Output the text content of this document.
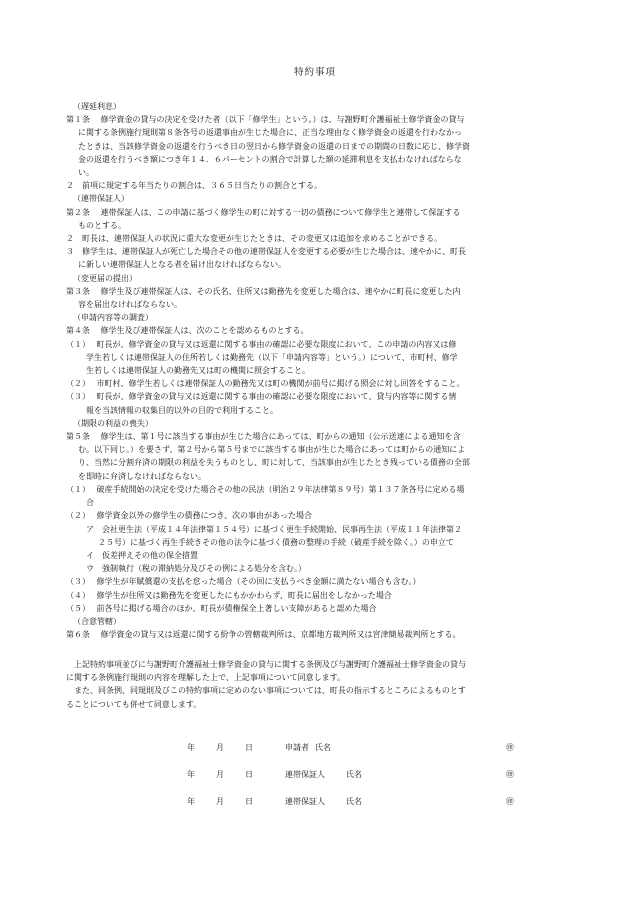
特約事項
（遅延利息）
第１条　 修学資金の貸与の決定を受けた者（以下「修学生」という。）は、与謝野町介護福祉士修学資金の貸与
に関する条例施行規則第８条各号の返還事由が生じた場合に、正当な理由なく修学資金の返還を行わなかっ
たときは、当該修学資金の返還を行うべき日の翌日から修学資金の返還の日までの期間の日数に応じ、修学資
金の返還を行うべき額につき年１４．６パーセントの割合で計算した額の延滞利息を支払わなければならな
い。
２　前項に規定する年当たりの割合は、３６５日当たりの割合とする。
（連帯保証人）
第２条　 連帯保証人は、この申請に基づく修学生の町に対する一切の債務について修学生と連帯して保証する
ものとする。
２　町長は、連帯保証人の状況に重大な変更が生じたときは、その変更又は追加を求めることができる。
３　修学生は、連帯保証人が死亡した場合その他の連帯保証人を変更する必要が生じた場合は、速やかに、町長
に新しい連帯保証人となる者を届け出なければならない。
（変更届の提出）
第３条　 修学生及び連帯保証人は、その氏名、住所又は勤務先を変更した場合は、速やかに町長に変更した内
容を届出なければならない。
（申請内容等の調査）
第４条　 修学生及び連帯保証人は、次のことを認めるものとする。
（１）　 町長が、修学資金の貸与又は返還に関する事由の確認に必要な限度において、この申請の内容又は修
学生若しくは連帯保証人の住所若しくは勤務先（以下「申請内容等」という。）について、市町村、修学
生若しくは連帯保証人の勤務先又は町の機関に照会すること。
（２）　 市町村、修学生若しくは連帯保証人の勤務先又は町の機関が前号に掲げる照会に対し回答をすること。
（３）　 町長が、修学資金の貸与又は返還に関する事由の確認に必要な限度において、貸与内容等に関する情
報を当該情報の収集目的以外の目的で利用すること。
（期限の利益の喪失）
第５条　 修学生は、第１号に該当する事由が生じた場合にあっては、町からの通知（公示送達による通知を含
む。以下同じ。）を要さず、第２号から第５号までに該当する事由が生じた場合にあっては町からの通知によ
り、当然に分割弁済の期限の利益を失うものとし、町に対して、当該事由が生じたとき残っている債務の全部
を即時に弁済しなければならない。
（１）　 破産手続開始の決定を受けた場合その他の民法（明治２９年法律第８９号）第１３７条各号に定める場
合
（２）　 修学資金以外の修学生の債務につき、次の事由があった場合
ア　会社更生法（平成１４年法律第１５４号）に基づく更生手続開始、民事再生法（平成１１年法律第２
２５号）に基づく再生手続きその他の法令に基づく債務の整理の手続（破産手続を除く。）の申立て
イ　仮差押えその他の保全措置
ウ　強制執行（税の滞納処分及びその例による処分を含む。）
（３）　 修学生が年賦償還の支払を怠った場合（その回に支払うべき金額に満たない場合も含む。）
（４）　 修学生が住所又は勤務先を変更したにもかかわらず、町長に届出をしなかった場合
（５）　 前各号に掲げる場合のほか、町長が債権保全上著しい支障があると認めた場合
（合意管轄）
第６条　 修学資金の貸与又は返還に関する紛争の管轄裁判所は、京都地方裁判所又は宮津簡易裁判所とする。
　上記特約事項並びに与謝野町介護福祉士修学資金の貸与に関する条例及び与謝野町介護福祉士修学資金の貸与
に関する条例施行規則の内容を理解した上で、上記事項について同意します。
　また、同条例、同規則及びこの特約事項に定めのない事項については、町長の指示するところによるものとす
ることについても併せて同意します。
年	月	日	申請者 氏名	㊞
年	月	日	連帯保証人	氏名	㊞
年	月	日	連帯保証人	氏名	㊞
